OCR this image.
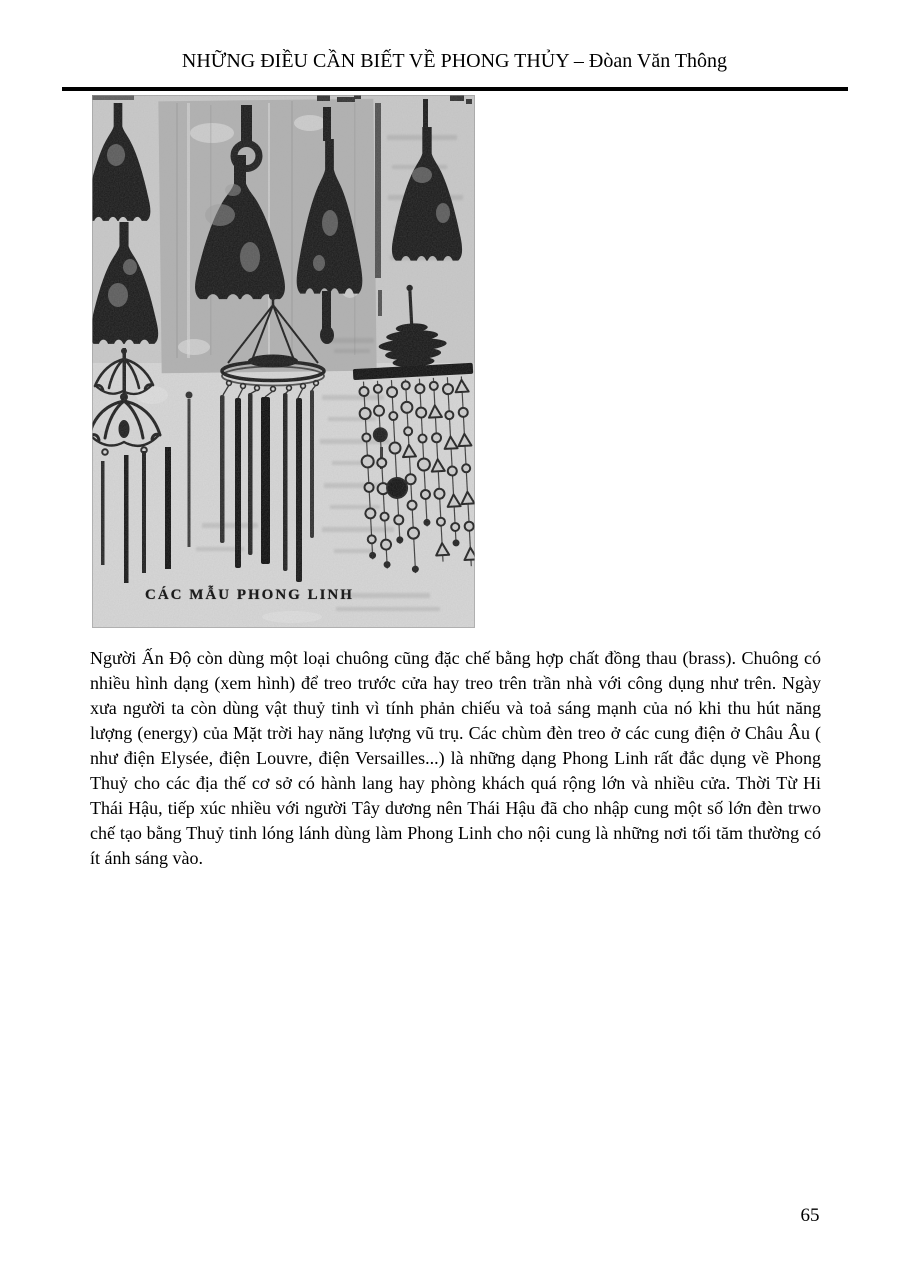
NHỮNG ĐIỀU CẦN BIẾT VỀ PHONG THỦY – Đòan Văn Thông
CÁC MẪU PHONG LINH

Người Ấn Độ còn dùng một loại chuông cũng đặc chế bằng hợp chất đồng thau (brass). Chuông có nhiều hình dạng (xem hình) để treo trước cửa hay treo trên trần nhà với công dụng như trên. Ngày xưa người ta còn dùng vật thuỷ tinh vì tính phản chiếu và toả sáng mạnh của nó khi thu hút năng lượng (energy) của Mặt trời hay năng lượng vũ trụ. Các chùm đèn treo ở các cung điện ở Châu Âu ( như điện Elysée, điện Louvre, điện Versailles...) là những dạng Phong Linh rất đắc dụng về Phong Thuỷ cho các địa thế cơ sở có hành lang hay phòng khách quá rộng lớn và nhiều cửa. Thời Từ Hi Thái Hậu, tiếp xúc nhiều với người Tây dương nên Thái Hậu đã cho nhập cung một số lớn đèn trwo chế tạo bằng Thuỷ tinh lóng lánh dùng làm Phong Linh cho nội cung là những nơi tối tăm thường có ít ánh sáng vào.

65
